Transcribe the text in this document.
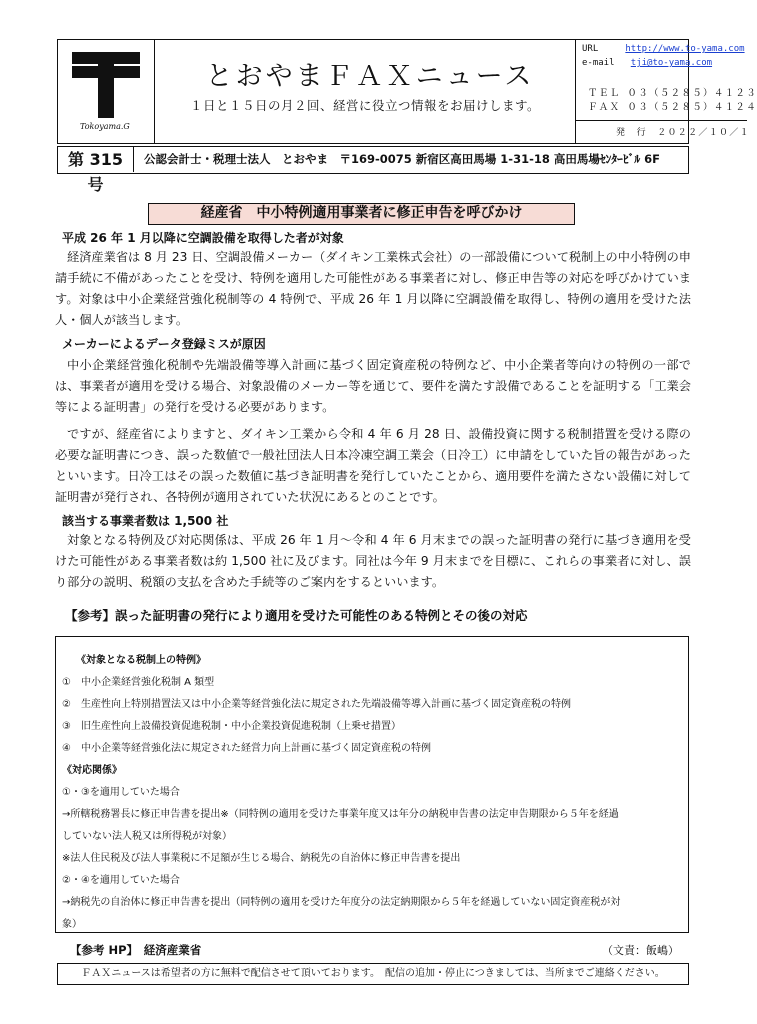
Tokoyama.G
とおやまＦＡＸニュース
１日と１５日の月２回、経営に役立つ情報をお届けします。
URL	http://www.to-yama.com
e-mail tji@to-yama.com
ＴＥＬ ０３（５２８５）４１２３
ＦＡＸ ０３（５２８５）４１２４
発　行　２０２２／１０／１
第 315 号
公認会計士・税理士法人　とおやま　〒169-0075 新宿区高田馬場 1-31-18 高田馬場ｾﾝﾀｰﾋﾞﾙ 6F
経産省　中小特例適用事業者に修正申告を呼びかけ
平成 26 年 1 月以降に空調設備を取得した者が対象
経済産業省は 8 月 23 日、空調設備メーカー（ダイキン工業株式会社）の一部設備について税制上の中小特例の申請手続に不備があったことを受け、特例を適用した可能性がある事業者に対し、修正申告等の対応を呼びかけています。対象は中小企業経営強化税制等の 4 特例で、平成 26 年 1 月以降に空調設備を取得し、特例の適用を受けた法人・個人が該当します。
メーカーによるデータ登録ミスが原因
中小企業経営強化税制や先端設備等導入計画に基づく固定資産税の特例など、中小企業者等向けの特例の一部では、事業者が適用を受ける場合、対象設備のメーカー等を通じて、要件を満たす設備であることを証明する「工業会等による証明書」の発行を受ける必要があります。
ですが、経産省によりますと、ダイキン工業から令和 4 年 6 月 28 日、設備投資に関する税制措置を受ける際の必要な証明書につき、誤った数値で一般社団法人日本冷凍空調工業会（日冷工）に申請をしていた旨の報告があったといいます。日冷工はその誤った数値に基づき証明書を発行していたことから、適用要件を満たさない設備に対して証明書が発行され、各特例が適用されていた状況にあるとのことです。
該当する事業者数は 1,500 社
対象となる特例及び対応関係は、平成 26 年 1 月～令和 4 年 6 月末までの誤った証明書の発行に基づき適用を受けた可能性がある事業者数は約 1,500 社に及びます。同社は今年 9 月末までを目標に、これらの事業者に対し、誤り部分の説明、税額の支払を含めた手続等のご案内をするといいます。
【参考】誤った証明書の発行により適用を受けた可能性のある特例とその後の対応
《対象となる税制上の特例》
①　中小企業経営強化税制 A 類型
②　生産性向上特別措置法又は中小企業等経営強化法に規定された先端設備等導入計画に基づく固定資産税の特例
③　旧生産性向上設備投資促進税制・中小企業投資促進税制（上乗せ措置）
④　中小企業等経営強化法に規定された経営力向上計画に基づく固定資産税の特例
《対応関係》
①・③を適用していた場合
→所轄税務署長に修正申告書を提出※（同特例の適用を受けた事業年度又は年分の納税申告書の法定申告期限から５年を経過
していない法人税又は所得税が対象）
※法人住民税及び法人事業税に不足額が生じる場合、納税先の自治体に修正申告書を提出
②・④を適用していた場合
→納税先の自治体に修正申告書を提出（同特例の適用を受けた年度分の法定納期限から５年を経過していない固定資産税が対
象）
【参考 HP】　経済産業省	（文責：飯嶋）
ＦＡＸニュースは希望者の方に無料で配信させて頂いております。　配信の追加・停止につきましては、当所までご連絡ください。
